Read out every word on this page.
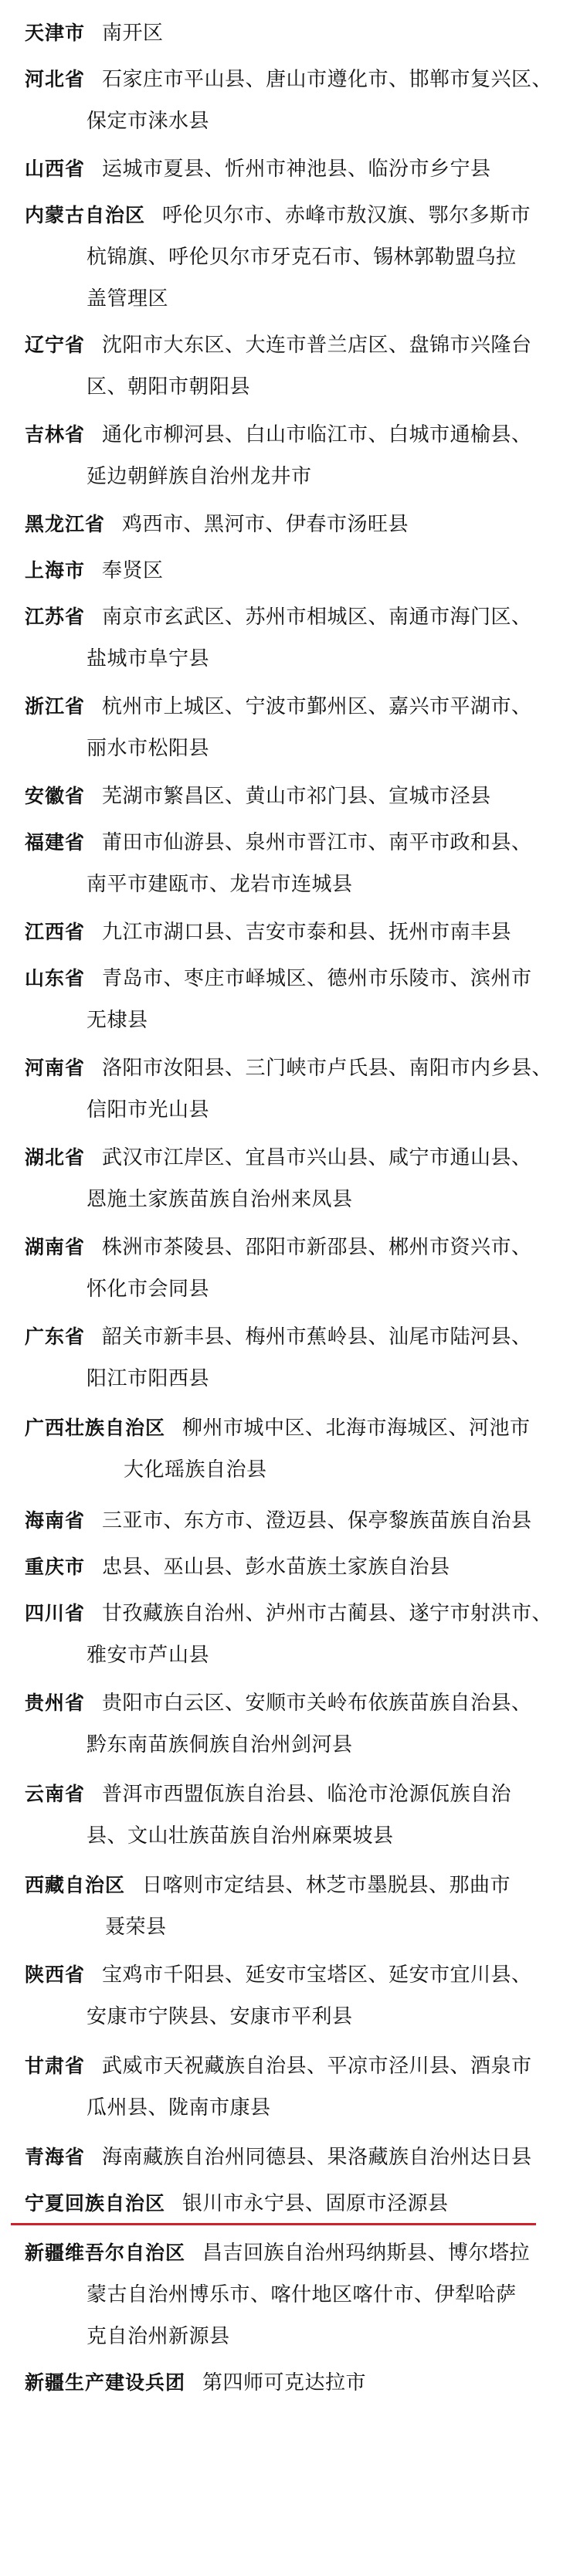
天津市 南开区
河北省 石家庄市平山县、唐山市遵化市、邯郸市复兴区、
保定市涞水县
山西省 运城市夏县、忻州市神池县、临汾市乡宁县
内蒙古自治区 呼伦贝尔市、赤峰市敖汉旗、鄂尔多斯市
杭锦旗、呼伦贝尔市牙克石市、锡林郭勒盟乌拉
盖管理区
辽宁省 沈阳市大东区、大连市普兰店区、盘锦市兴隆台
区、朝阳市朝阳县
吉林省 通化市柳河县、白山市临江市、白城市通榆县、
延边朝鲜族自治州龙井市
黑龙江省 鸡西市、黑河市、伊春市汤旺县
上海市 奉贤区
江苏省 南京市玄武区、苏州市相城区、南通市海门区、
盐城市阜宁县
浙江省 杭州市上城区、宁波市鄞州区、嘉兴市平湖市、
丽水市松阳县
安徽省 芜湖市繁昌区、黄山市祁门县、宣城市泾县
福建省 莆田市仙游县、泉州市晋江市、南平市政和县、
南平市建瓯市、龙岩市连城县
江西省 九江市湖口县、吉安市泰和县、抚州市南丰县
山东省 青岛市、枣庄市峄城区、德州市乐陵市、滨州市
无棣县
河南省 洛阳市汝阳县、三门峡市卢氏县、南阳市内乡县、
信阳市光山县
湖北省 武汉市江岸区、宜昌市兴山县、咸宁市通山县、
恩施土家族苗族自治州来凤县
湖南省 株洲市茶陵县、邵阳市新邵县、郴州市资兴市、
怀化市会同县
广东省 韶关市新丰县、梅州市蕉岭县、汕尾市陆河县、
阳江市阳西县
广西壮族自治区 柳州市城中区、北海市海城区、河池市
大化瑶族自治县
海南省 三亚市、东方市、澄迈县、保亭黎族苗族自治县
重庆市 忠县、巫山县、彭水苗族土家族自治县
四川省 甘孜藏族自治州、泸州市古蔺县、遂宁市射洪市、
雅安市芦山县
贵州省 贵阳市白云区、安顺市关岭布依族苗族自治县、
黔东南苗族侗族自治州剑河县
云南省 普洱市西盟佤族自治县、临沧市沧源佤族自治
县、文山壮族苗族自治州麻栗坡县
西藏自治区 日喀则市定结县、林芝市墨脱县、那曲市
聂荣县
陕西省 宝鸡市千阳县、延安市宝塔区、延安市宜川县、
安康市宁陕县、安康市平利县
甘肃省 武威市天祝藏族自治县、平凉市泾川县、酒泉市
瓜州县、陇南市康县
青海省 海南藏族自治州同德县、果洛藏族自治州达日县
宁夏回族自治区 银川市永宁县、固原市泾源县
新疆维吾尔自治区 昌吉回族自治州玛纳斯县、博尔塔拉
蒙古自治州博乐市、喀什地区喀什市、伊犁哈萨
克自治州新源县
新疆生产建设兵团 第四师可克达拉市
